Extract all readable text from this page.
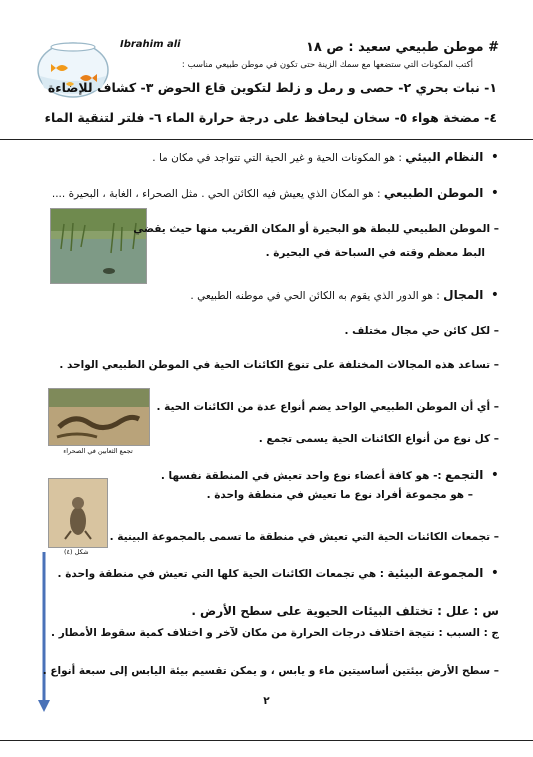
Ibrahim ali	# موطن طبيعي سعيد : ص ١٨
أكتب المكونات التي ستضعها مع سمك الزينة حتى تكون في موطن طبيعي مناسب :
١- نبات بحري ٢- حصى و رمل و زلط لتكوين قاع الحوض ٣- كشاف للإضاءة
٤- مضخة هواء ٥- سخان ليحافظ على درجة حرارة الماء ٦- فلتر لتنقية الماء
• النظام البيئي : هو المكونات الحية و غير الحية التي تتواجد في مكان ما .
• الموطن الطبيعي : هو المكان الذي يعيش فيه الكائن الحي . مثل الصحراء ، الغابة ، البحيرة ....
– الموطن الطبيعي للبطة هو البحيرة أو المكان القريب منها حيث يقضي
البط معظم وقته في السباحة في البحيرة .
• المجال : هو الدور الذي يقوم به الكائن الحي في موطنه الطبيعي .
– لكل كائن حي مجال مختلف .
– تساعد هذه المجالات المختلفة على تنوع الكائنات الحية في الموطن الطبيعي الواحد .
تجمع الثعابين في الصحراء
– أي أن الموطن الطبيعي الواحد يضم أنواع عدة من الكائنات الحية .
– كل نوع من أنواع الكائنات الحية يسمى تجمع .
• التجمع :- هو كافة أعضاء نوع واحد تعيش في المنطقة نفسها .
– هو مجموعة أفراد نوع ما تعيش في منطقة واحدة .
شكل (٤)
– تجمعات الكائنات الحية التي تعيش في منطقة ما تسمى بالمجموعة البينية .
• المجموعة البيئية : هي تجمعات الكائنات الحية كلها التي تعيش في منطقة واحدة .
س : علل : تختلف البيئات الحيوية على سطح الأرض .
ج : السبب : نتيجة اختلاف درجات الحرارة من مكان لآخر و اختلاف كمية سقوط الأمطار .
– سطح الأرض بيئتين أساسيتين ماء و يابس ، و يمكن تقسيم بيئة اليابس إلى سبعة أنواع .
٢
